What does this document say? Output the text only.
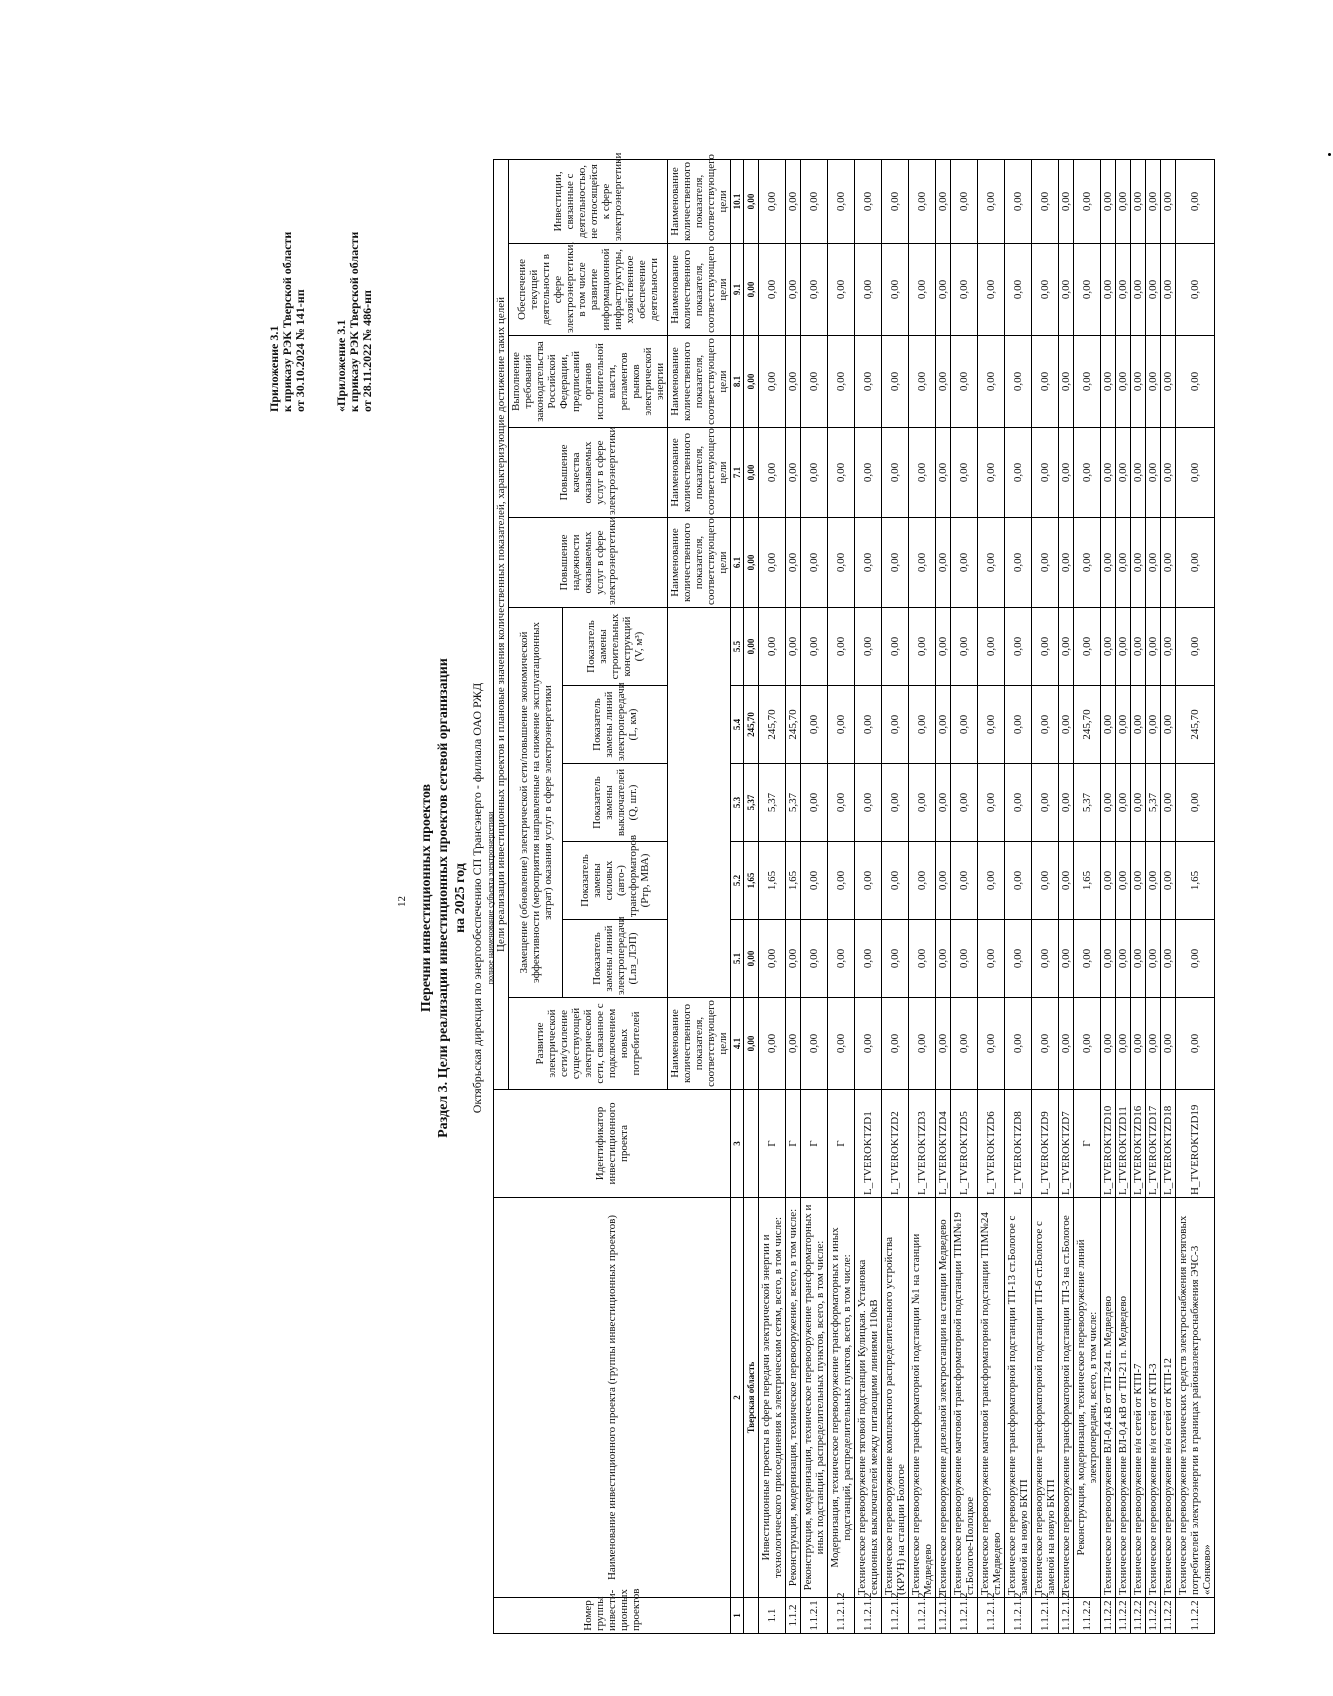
Приложение 3.1 к приказу РЭК Тверской области от 30.10.2024 № 141-нп «Приложение 3.1 к приказу РЭК Тверской области от 28.11.2022 № 486-нп
12 Перечни инвестиционных проектов Раздел 3. Цели реализации инвестиционных проектов сетевой организации на 2025 год Октябрьская дирекция по энергообеспечению СП Трансэнерго - филиала ОАО РЖД полное наименование субъекта электроэнергетики
Номер группы инвести-ционных проектов	Наименование инвестиционного проекта (группы инвестиционных проектов)	Идентификатор инвестиционного проекта	Цели реализации инвестиционных проектов и плановые значения количественных показателей, характеризующие достижение таких целей										
			Развитие электрической сети/усиление существующей электрической сети, связанное с подключением новых потребителей	Замещение (обновление) электрической сети/повышение экономической эффективности (мероприятия направленные на снижение эксплуатационных затрат) оказания услуг в сфере электроэнергетики					Повышение надежности оказываемых услуг в сфере электроэнергетики	Повышение качества оказываемых услуг в сфере электроэнергетики	Выполнение требований законодательства Российской Федерации, предписаний органов исполнительной власти, регламентов рынков электрической энергии	Обеспечение текущей деятельности в сфере электроэнергетики, в том числе развитие информационной инфраструктуры, хозяйственное обеспечение деятельности	Инвестиции, связанные с деятельностью, не относящейся к сфере электроэнергетики
				Показатель замены линий электропередачи (Lnз_ЛЭП)	Показатель замены силовых (авто-) трансформаторов (Pтр, МВА)	Показатель замены выключателей (Q, шт.)	Показатель замены линий электропередачи (L, км)	Показатель замены строительных конструкций (V, м³)					
			Наименование количественного показателя, соответствующего цели						Наименование количественного показателя, соответствующего цели	Наименование количественного показателя, соответствующего цели	Наименование количественного показателя, соответствующего цели	Наименование количественного показателя, соответствующего цели	Наименование количественного показателя, соответствующего цели
1	2	3	4.1	5.1	5.2	5.3	5.4	5.5	6.1	7.1	8.1	9.1	10.1
	Тверская область		0,00	0,00	1,65	5,37	245,70	0,00	0,00	0,00	0,00	0,00	0,00
1.1	Инвестиционные проекты в сфере передачи электрической энергии и технологического присоединения к электрическим сетям, всего, в том числе:	Г	0,00	0,00	1,65	5,37	245,70	0,00	0,00	0,00	0,00	0,00	0,00
1.1.2	Реконструкция, модернизация, техническое перевооружение, всего, в том числе:	Г	0,00	0,00	1,65	5,37	245,70	0,00	0,00	0,00	0,00	0,00	0,00
1.1.2.1	Реконструкция, модернизация, техническое перевооружение трансформаторных и иных подстанций, распределительных пунктов, всего, в том числе:	Г	0,00	0,00	0,00	0,00	0,00	0,00	0,00	0,00	0,00	0,00	0,00
1.1.2.1.2	Модернизация, техническое перевооружение трансформаторных и иных подстанций, распределительных пунктов, всего, в том числе:	Г	0,00	0,00	0,00	0,00	0,00	0,00	0,00	0,00	0,00	0,00	0,00
1.1.2.1.2	Техническое перевооружение тяговой подстанции Кулицкая. Установка секционных выключателей между питающими линиями 110кВ	L_TVEROKTZD1	0,00	0,00	0,00	0,00	0,00	0,00	0,00	0,00	0,00	0,00	0,00
1.1.2.1.2	Техническое перевооружение комплектного распределительного устройства (КРУН) на станции Бологое	L_TVEROKTZD2	0,00	0,00	0,00	0,00	0,00	0,00	0,00	0,00	0,00	0,00	0,00
1.1.2.1.2	Техническое перевооружение трансформаторной подстанции №1 на станции Медведево	L_TVEROKTZD3	0,00	0,00	0,00	0,00	0,00	0,00	0,00	0,00	0,00	0,00	0,00
1.1.2.1.2	Техническое перевооружение дизельной электростанции на станции Медведево	L_TVEROKTZD4	0,00	0,00	0,00	0,00	0,00	0,00	0,00	0,00	0,00	0,00	0,00
1.1.2.1.2	Техническое перевооружение мачтовой трансформаторной подстанции ТПМ№19 ст.Бологое-Полоцкое	L_TVEROKTZD5	0,00	0,00	0,00	0,00	0,00	0,00	0,00	0,00	0,00	0,00	0,00
1.1.2.1.2	Техническое перевооружение мачтовой трансформаторной подстанции ТПМ№24 ст.Медведево	L_TVEROKTZD6	0,00	0,00	0,00	0,00	0,00	0,00	0,00	0,00	0,00	0,00	0,00
1.1.2.1.2	Техническое перевооружение трансформаторной подстанции ТП-13 ст.Бологое с заменой на новую БКТП	L_TVEROKTZD8	0,00	0,00	0,00	0,00	0,00	0,00	0,00	0,00	0,00	0,00	0,00
1.1.2.1.2	Техническое перевооружение трансформаторной подстанции ТП-6 ст.Бологое с заменой на новую БКТП	L_TVEROKTZD9	0,00	0,00	0,00	0,00	0,00	0,00	0,00	0,00	0,00	0,00	0,00
1.1.2.1.2	Техническое перевооружение трансформаторной подстанции ТП-3 на ст.Бологое	L_TVEROKTZD7	0,00	0,00	0,00	0,00	0,00	0,00	0,00	0,00	0,00	0,00	0,00
1.1.2.2	Реконструкция, модернизация, техническое перевооружение линий электропередачи, всего, в том числе:	Г	0,00	0,00	1,65	5,37	245,70	0,00	0,00	0,00	0,00	0,00	0,00
1.1.2.2	Техническое перевооружение ВЛ-0,4 кВ от ТП-24 п. Медведево	L_TVEROKTZD10	0,00	0,00	0,00	0,00	0,00	0,00	0,00	0,00	0,00	0,00	0,00
1.1.2.2	Техническое перевооружение ВЛ-0,4 кВ от ТП-21 п. Медведево	L_TVEROKTZD11	0,00	0,00	0,00	0,00	0,00	0,00	0,00	0,00	0,00	0,00	0,00
1.1.2.2	Техническое перевооружение н/н сетей от КТП-7	L_TVEROKTZD16	0,00	0,00	0,00	0,00	0,00	0,00	0,00	0,00	0,00	0,00	0,00
1.1.2.2	Техническое перевооружение н/н сетей от КТП-3	L_TVEROKTZD17	0,00	0,00	0,00	5,37	0,00	0,00	0,00	0,00	0,00	0,00	0,00
1.1.2.2	Техническое перевооружение н/н сетей от КТП-12	L_TVEROKTZD18	0,00	0,00	0,00	0,00	0,00	0,00	0,00	0,00	0,00	0,00	0,00
1.1.2.2	Техническое перевооружение технических средств электроснабжения нетяговых потребителей электроэнергии в границах районаэлектроснабжения ЭЧС-3 «Сонково»	H_TVEROKTZD19	0,00	0,00	1,65	0,00	245,70	0,00	0,00	0,00	0,00	0,00	0,00
